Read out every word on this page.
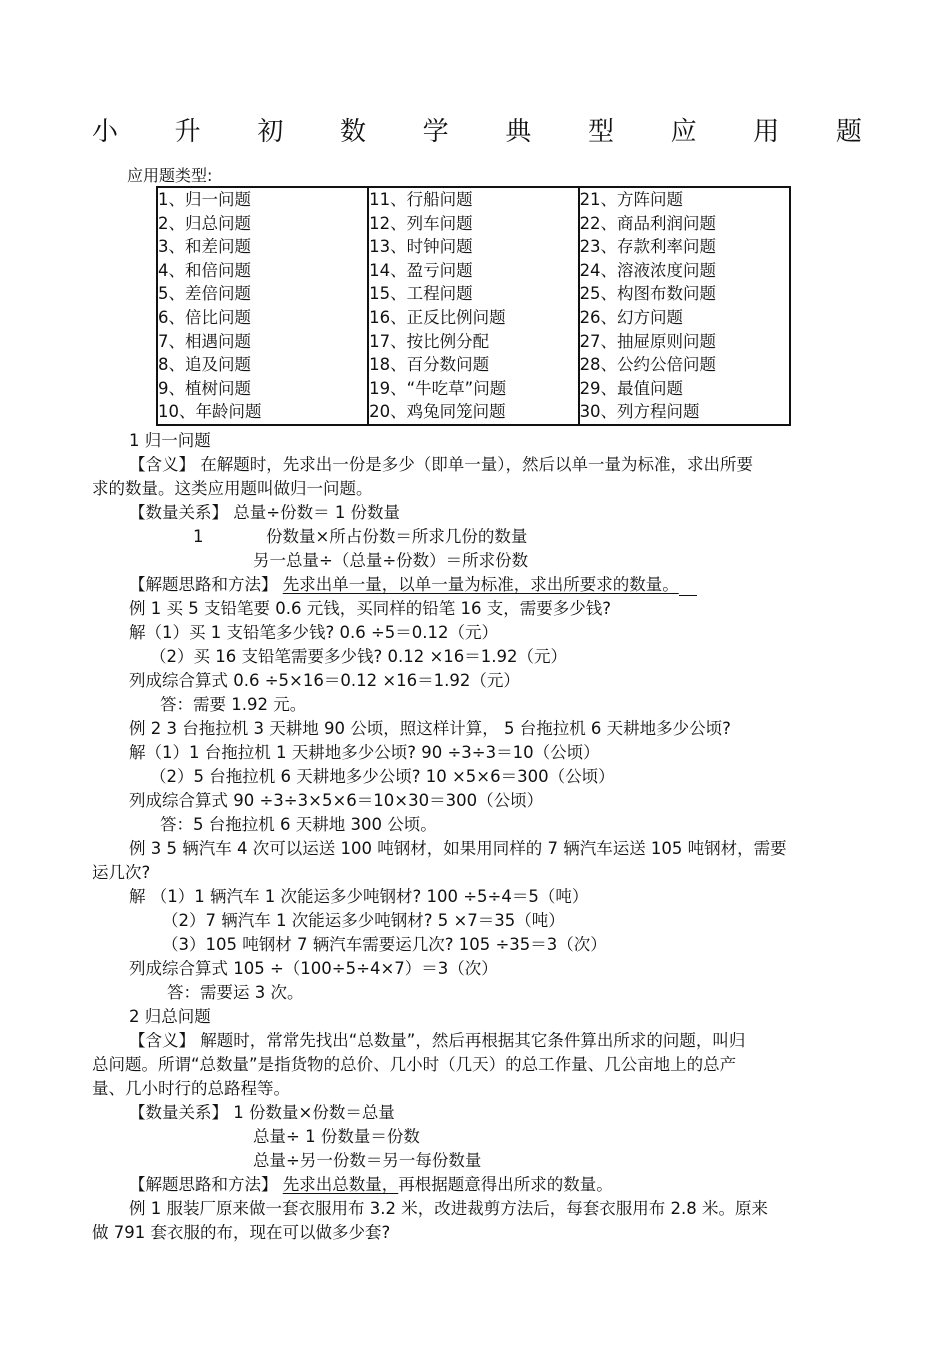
小 升 初 数 学 典 型 应 用 题
应用题类型:
1、归一问题	11、行船问题	21、方阵问题
2、归总问题	12、列车问题	22、商品利润问题
3、和差问题	13、时钟问题	23、存款利率问题
4、和倍问题	14、盈亏问题	24、溶液浓度问题
5、差倍问题	15、工程问题	25、构图布数问题
6、倍比问题	16、正反比例问题	26、幻方问题
7、相遇问题	17、按比例分配	27、抽屉原则问题
8、追及问题	18、百分数问题	28、公约公倍问题
9、植树问题	19、“牛吃草”问题	29、最值问题
10、年龄问题	20、鸡兔同笼问题	30、列方程问题
1 归一问题
【含义】 在解题时，先求出一份是多少（即单一量），然后以单一量为标准，求出所要
求的数量。这类应用题叫做归一问题。
【数量关系】 总量÷份数＝ 1 份数量
1	份数量×所占份数＝所求几份的数量
另一总量÷（总量÷份数）＝所求份数
【解题思路和方法】 先求出单一量，以单一量为标准，求出所要求的数量。
例 1 买 5 支铅笔要 0.6 元钱，买同样的铅笔 16 支，需要多少钱?
解（1）买 1 支铅笔多少钱? 0.6 ÷5＝0.12（元）
（2）买 16 支铅笔需要多少钱? 0.12 ×16＝1.92（元）
列成综合算式 0.6 ÷5×16＝0.12 ×16＝1.92（元）
答：需要 1.92 元。
例 2 3 台拖拉机 3 天耕地 90 公顷，照这样计算， 5 台拖拉机 6 天耕地多少公顷?
解（1）1 台拖拉机 1 天耕地多少公顷? 90 ÷3÷3＝10（公顷）
（2）5 台拖拉机 6 天耕地多少公顷? 10 ×5×6＝300（公顷）
列成综合算式 90 ÷3÷3×5×6＝10×30＝300（公顷）
答：5 台拖拉机 6 天耕地 300 公顷。
例 3 5 辆汽车 4 次可以运送 100 吨钢材，如果用同样的 7 辆汽车运送 105 吨钢材，需要
运几次?
解 （1）1 辆汽车 1 次能运多少吨钢材? 100 ÷5÷4＝5（吨）
（2）7 辆汽车 1 次能运多少吨钢材? 5 ×7＝35（吨）
（3）105 吨钢材 7 辆汽车需要运几次? 105 ÷35＝3（次）
列成综合算式 105 ÷（100÷5÷4×7）＝3（次）
答：需要运 3 次。
2 归总问题
【含义】 解题时，常常先找出“总数量”，然后再根据其它条件算出所求的问题，叫归
总问题。所谓“总数量”是指货物的总价、几小时（几天）的总工作量、几公亩地上的总产
量、几小时行的总路程等。
【数量关系】 1 份数量×份数＝总量
总量÷ 1 份数量＝份数
总量÷另一份数＝另一每份数量
【解题思路和方法】 先求出总数量，再根据题意得出所求的数量。
例 1 服装厂原来做一套衣服用布 3.2 米，改进裁剪方法后，每套衣服用布 2.8 米。原来
做 791 套衣服的布，现在可以做多少套?
